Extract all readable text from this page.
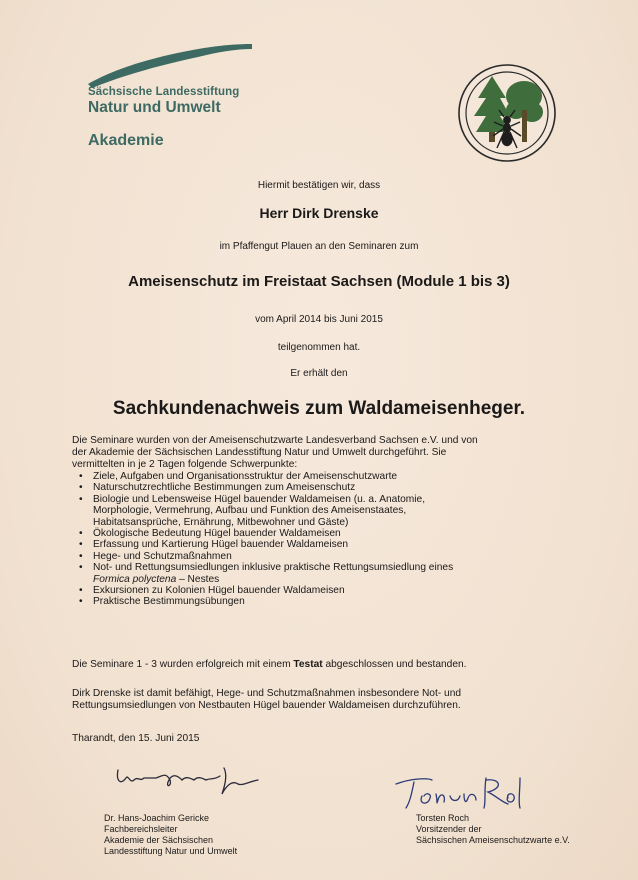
Sächsische Landesstiftung
Natur und Umwelt
Akademie
Hiermit bestätigen wir, dass
Herr Dirk Drenske
im Pfaffengut Plauen an den Seminaren zum
Ameisenschutz im Freistaat Sachsen (Module 1 bis 3)
vom April 2014 bis Juni 2015
teilgenommen hat.
Er erhält den
Sachkundenachweis zum Waldameisenheger.
Die Seminare wurden von der Ameisenschutzwarte Landesverband Sachsen e.V. und von
der Akademie der Sächsischen Landesstiftung Natur und Umwelt durchgeführt. Sie
vermittelten in je 2 Tagen folgende Schwerpunkte:
• Ziele, Aufgaben und Organisationsstruktur der Ameisenschutzwarte
• Naturschutzrechtliche Bestimmungen zum Ameisenschutz
• Biologie und Lebensweise Hügel bauender Waldameisen (u. a. Anatomie,
Morphologie, Vermehrung, Aufbau und Funktion des Ameisenstaates,
Habitatsansprüche, Ernährung, Mitbewohner und Gäste)
• Ökologische Bedeutung Hügel bauender Waldameisen
• Erfassung und Kartierung Hügel bauender Waldameisen
• Hege- und Schutzmaßnahmen
• Not- und Rettungsumsiedlungen inklusive praktische Rettungsumsiedlung eines
Formica polyctena – Nestes
• Exkursionen zu Kolonien Hügel bauender Waldameisen
• Praktische Bestimmungsübungen
Die Seminare 1 - 3 wurden erfolgreich mit einem Testat abgeschlossen und bestanden.
Dirk Drenske ist damit befähigt, Hege- und Schutzmaßnahmen insbesondere Not- und
Rettungsumsiedlungen von Nestbauten Hügel bauender Waldameisen durchzuführen.
Tharandt, den 15. Juni 2015
Dr. Hans-Joachim Gericke
Fachbereichsleiter
Akademie der Sächsischen
Landesstiftung Natur und Umwelt
Torsten Roch
Vorsitzender der
Sächsischen Ameisenschutzwarte e.V.
